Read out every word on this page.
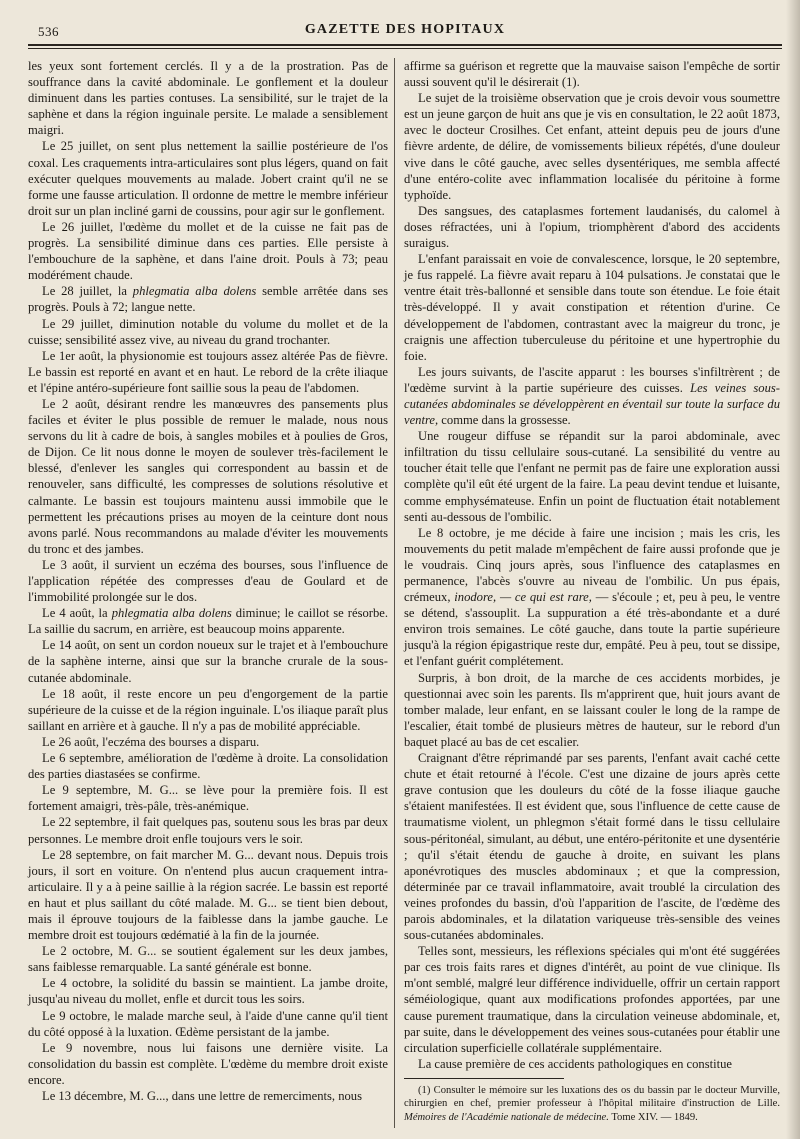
536	GAZETTE DES HOPITAUX

les yeux sont fortement cerclés. Il y a de la prostration. Pas de souffrance dans la cavité abdominale. Le gonflement et la douleur diminuent dans les parties contuses. La sensibilité, sur le trajet de la saphène et dans la région inguinale persite. Le malade a sensiblement maigri.

Le 25 juillet, on sent plus nettement la saillie postérieure de l'os coxal. Les craquements intra-articulaires sont plus légers, quand on fait exécuter quelques mouvements au malade. Jobert craint qu'il ne se forme une fausse articulation. Il ordonne de mettre le membre inférieur droit sur un plan incliné garni de coussins, pour agir sur le gonflement.

Le 26 juillet, l'œdème du mollet et de la cuisse ne fait pas de progrès. La sensibilité diminue dans ces parties. Elle persiste à l'embouchure de la saphène, et dans l'aine droit. Pouls à 73; peau modérément chaude.

Le 28 juillet, la phlegmatia alba dolens semble arrêtée dans ses progrès. Pouls à 72; langue nette.

Le 29 juillet, diminution notable du volume du mollet et de la cuisse; sensibilité assez vive, au niveau du grand trochanter.

Le 1er août, la physionomie est toujours assez altérée Pas de fièvre. Le bassin est reporté en avant et en haut. Le rebord de la crête iliaque et l'épine antéro-supérieure font saillie sous la peau de l'abdomen.

Le 2 août, désirant rendre les manœuvres des pansements plus faciles et éviter le plus possible de remuer le malade, nous nous servons du lit à cadre de bois, à sangles mobiles et à poulies de Gros, de Dijon. Ce lit nous donne le moyen de soulever très-facilement le blessé, d'enlever les sangles qui correspondent au bassin et de renouveler, sans difficulté, les compresses de solutions résolutive et calmante. Le bassin est toujours maintenu aussi immobile que le permettent les précautions prises au moyen de la ceinture dont nous avons parlé. Nous recommandons au malade d'éviter les mouvements du tronc et des jambes.

Le 3 août, il survient un eczéma des bourses, sous l'influence de l'application répétée des compresses d'eau de Goulard et de l'immobilité prolongée sur le dos.

Le 4 août, la phlegmatia alba dolens diminue; le caillot se résorbe. La saillie du sacrum, en arrière, est beaucoup moins apparente.

Le 14 août, on sent un cordon noueux sur le trajet et à l'embouchure de la saphène interne, ainsi que sur la branche crurale de la sous-cutanée abdominale.

Le 18 août, il reste encore un peu d'engorgement de la partie supérieure de la cuisse et de la région inguinale. L'os iliaque paraît plus saillant en arrière et à gauche. Il n'y a pas de mobilité appréciable.

Le 26 août, l'eczéma des bourses a disparu.

Le 6 septembre, amélioration de l'œdème à droite. La consolidation des parties diastasées se confirme.

Le 9 septembre, M. G... se lève pour la première fois. Il est fortement amaigri, très-pâle, très-anémique.

Le 22 septembre, il fait quelques pas, soutenu sous les bras par deux personnes. Le membre droit enfle toujours vers le soir.

Le 28 septembre, on fait marcher M. G... devant nous. Depuis trois jours, il sort en voiture. On n'entend plus aucun craquement intra-articulaire. Il y a à peine saillie à la région sacrée. Le bassin est reporté en haut et plus saillant du côté malade. M. G... se tient bien debout, mais il éprouve toujours de la faiblesse dans la jambe gauche. Le membre droit est toujours œdématié à la fin de la journée.

Le 2 octobre, M. G... se soutient également sur les deux jambes, sans faiblesse remarquable. La santé générale est bonne.

Le 4 octobre, la solidité du bassin se maintient. La jambe droite, jusqu'au niveau du mollet, enfle et durcit tous les soirs.

Le 9 octobre, le malade marche seul, à l'aide d'une canne qu'il tient du côté opposé à la luxation. Œdème persistant de la jambe.

Le 9 novembre, nous lui faisons une dernière visite. La consolidation du bassin est complète. L'œdème du membre droit existe encore.

Le 13 décembre, M. G..., dans une lettre de remerciments, nous

affirme sa guérison et regrette que la mauvaise saison l'empêche de sortir aussi souvent qu'il le désirerait (1).

Le sujet de la troisième observation que je crois devoir vous soumettre est un jeune garçon de huit ans que je vis en consultation, le 22 août 1873, avec le docteur Crosilhes. Cet enfant, atteint depuis peu de jours d'une fièvre ardente, de délire, de vomissements bilieux répétés, d'une douleur vive dans le côté gauche, avec selles dysentériques, me sembla affecté d'une entéro-colite avec inflammation localisée du péritoine à forme typhoïde.

Des sangsues, des cataplasmes fortement laudanisés, du calomel à doses réfractées, uni à l'opium, triomphèrent d'abord des accidents suraigus.

L'enfant paraissait en voie de convalescence, lorsque, le 20 septembre, je fus rappelé. La fièvre avait reparu à 104 pulsations. Je constatai que le ventre était très-ballonné et sensible dans toute son étendue. Le foie était très-développé. Il y avait constipation et rétention d'urine. Ce développement de l'abdomen, contrastant avec la maigreur du tronc, je craignis une affection tuberculeuse du péritoine et une hypertrophie du foie.

Les jours suivants, de l'ascite apparut : les bourses s'infiltrèrent ; de l'œdème survint à la partie supérieure des cuisses. Les veines sous-cutanées abdominales se développèrent en éventail sur toute la surface du ventre, comme dans la grossesse.

Une rougeur diffuse se répandit sur la paroi abdominale, avec infiltration du tissu cellulaire sous-cutané. La sensibilité du ventre au toucher était telle que l'enfant ne permit pas de faire une exploration aussi complète qu'il eût été urgent de la faire. La peau devint tendue et luisante, comme emphysémateuse. Enfin un point de fluctuation était notablement senti au-dessous de l'ombilic.

Le 8 octobre, je me décide à faire une incision ; mais les cris, les mouvements du petit malade m'empêchent de faire aussi profonde que je le voudrais. Cinq jours après, sous l'influence des cataplasmes en permanence, l'abcès s'ouvre au niveau de l'ombilic. Un pus épais, crémeux, inodore, — ce qui est rare, — s'écoule ; et, peu à peu, le ventre se détend, s'assouplit. La suppuration a été très-abondante et a duré environ trois semaines. Le côté gauche, dans toute la partie supérieure jusqu'à la région épigastrique reste dur, empâté. Peu à peu, tout se dissipe, et l'enfant guérit complétement.

Surpris, à bon droit, de la marche de ces accidents morbides, je questionnai avec soin les parents. Ils m'apprirent que, huit jours avant de tomber malade, leur enfant, en se laissant couler le long de la rampe de l'escalier, était tombé de plusieurs mètres de hauteur, sur le rebord d'un baquet placé au bas de cet escalier.

Craignant d'être réprimandé par ses parents, l'enfant avait caché cette chute et était retourné à l'école. C'est une dizaine de jours après cette grave contusion que les douleurs du côté de la fosse iliaque gauche s'étaient manifestées. Il est évident que, sous l'influence de cette cause de traumatisme violent, un phlegmon s'était formé dans le tissu cellulaire sous-péritonéal, simulant, au début, une entéro-péritonite et une dysentérie ; qu'il s'était étendu de gauche à droite, en suivant les plans aponévrotiques des muscles abdominaux ; et que la compression, déterminée par ce travail inflammatoire, avait troublé la circulation des veines profondes du bassin, d'où l'apparition de l'ascite, de l'œdème des parois abdominales, et la dilatation variqueuse très-sensible des veines sous-cutanées abdominales.

Telles sont, messieurs, les réflexions spéciales qui m'ont été suggérées par ces trois faits rares et dignes d'intérêt, au point de vue clinique. Ils m'ont semblé, malgré leur différence individuelle, offrir un certain rapport séméiologique, quant aux modifications profondes apportées, par une cause purement traumatique, dans la circulation veineuse abdominale, et, par suite, dans le développement des veines sous-cutanées pour établir une circulation superficielle collatérale supplémentaire.

La cause première de ces accidents pathologiques en constitue

(1) Consulter le mémoire sur les luxations des os du bassin par le docteur Murville, chirurgien en chef, premier professeur à l'hôpital militaire d'instruction de Lille. Mémoires de l'Académie nationale de médecine. Tome XIV. — 1849.
